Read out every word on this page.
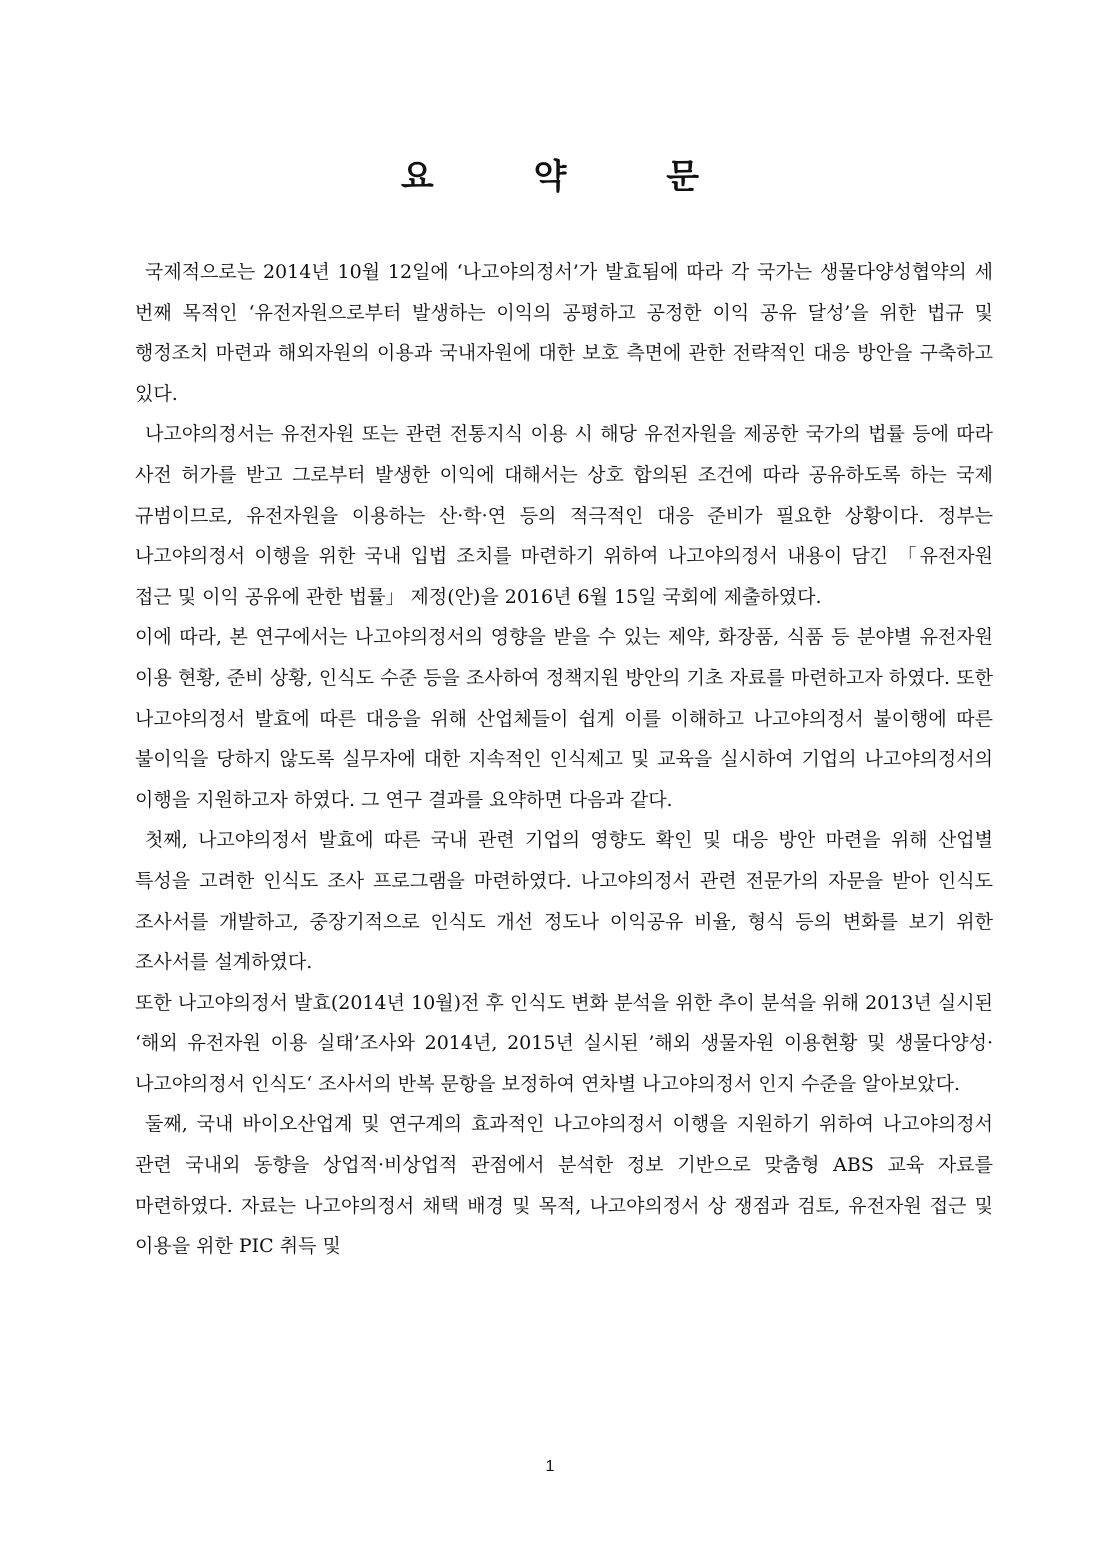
요 약 문

국제적으로는 2014년 10월 12일에 ‘나고야의정서’가 발효됨에 따라 각 국가는 생물다양성협약의 세 번째 목적인 ‘유전자원으로부터 발생하는 이익의 공평하고 공정한 이익 공유 달성’을 위한 법규 및 행정조치 마련과 해외자원의 이용과 국내자원에 대한 보호 측면에 관한 전략적인 대응 방안을 구축하고 있다.

나고야의정서는 유전자원 또는 관련 전통지식 이용 시 해당 유전자원을 제공한 국가의 법률 등에 따라 사전 허가를 받고 그로부터 발생한 이익에 대해서는 상호 합의된 조건에 따라 공유하도록 하는 국제 규범이므로, 유전자원을 이용하는 산·학·연 등의 적극적인 대응 준비가 필요한 상황이다. 정부는 나고야의정서 이행을 위한 국내 입법 조치를 마련하기 위하여 나고야의정서 내용이 담긴 「유전자원 접근 및 이익 공유에 관한 법률」 제정(안)을 2016년 6월 15일 국회에 제출하였다.

이에 따라, 본 연구에서는 나고야의정서의 영향을 받을 수 있는 제약, 화장품, 식품 등 분야별 유전자원 이용 현황, 준비 상황, 인식도 수준 등을 조사하여 정책지원 방안의 기초 자료를 마련하고자 하였다. 또한 나고야의정서 발효에 따른 대응을 위해 산업체들이 쉽게 이를 이해하고 나고야의정서 불이행에 따른 불이익을 당하지 않도록 실무자에 대한 지속적인 인식제고 및 교육을 실시하여 기업의 나고야의정서의 이행을 지원하고자 하였다. 그 연구 결과를 요약하면 다음과 같다.

첫째, 나고야의정서 발효에 따른 국내 관련 기업의 영향도 확인 및 대응 방안 마련을 위해 산업별 특성을 고려한 인식도 조사 프로그램을 마련하였다. 나고야의정서 관련 전문가의 자문을 받아 인식도 조사서를 개발하고, 중장기적으로 인식도 개선 정도나 이익공유 비율, 형식 등의 변화를 보기 위한 조사서를 설계하였다.

또한 나고야의정서 발효(2014년 10월)전 후 인식도 변화 분석을 위한 추이 분석을 위해 2013년 실시된 ‘해외 유전자원 이용 실태’조사와 2014년, 2015년 실시된 ’해외 생물자원 이용현황 및 생물다양성·나고야의정서 인식도‘ 조사서의 반복 문항을 보정하여 연차별 나고야의정서 인지 수준을 알아보았다.

둘째, 국내 바이오산업계 및 연구계의 효과적인 나고야의정서 이행을 지원하기 위하여 나고야의정서 관련 국내외 동향을 상업적·비상업적 관점에서 분석한 정보 기반으로 맞춤형 ABS 교육 자료를 마련하였다. 자료는 나고야의정서 채택 배경 및 목적, 나고야의정서 상 쟁점과 검토, 유전자원 접근 및 이용을 위한 PIC 취득 및

1
